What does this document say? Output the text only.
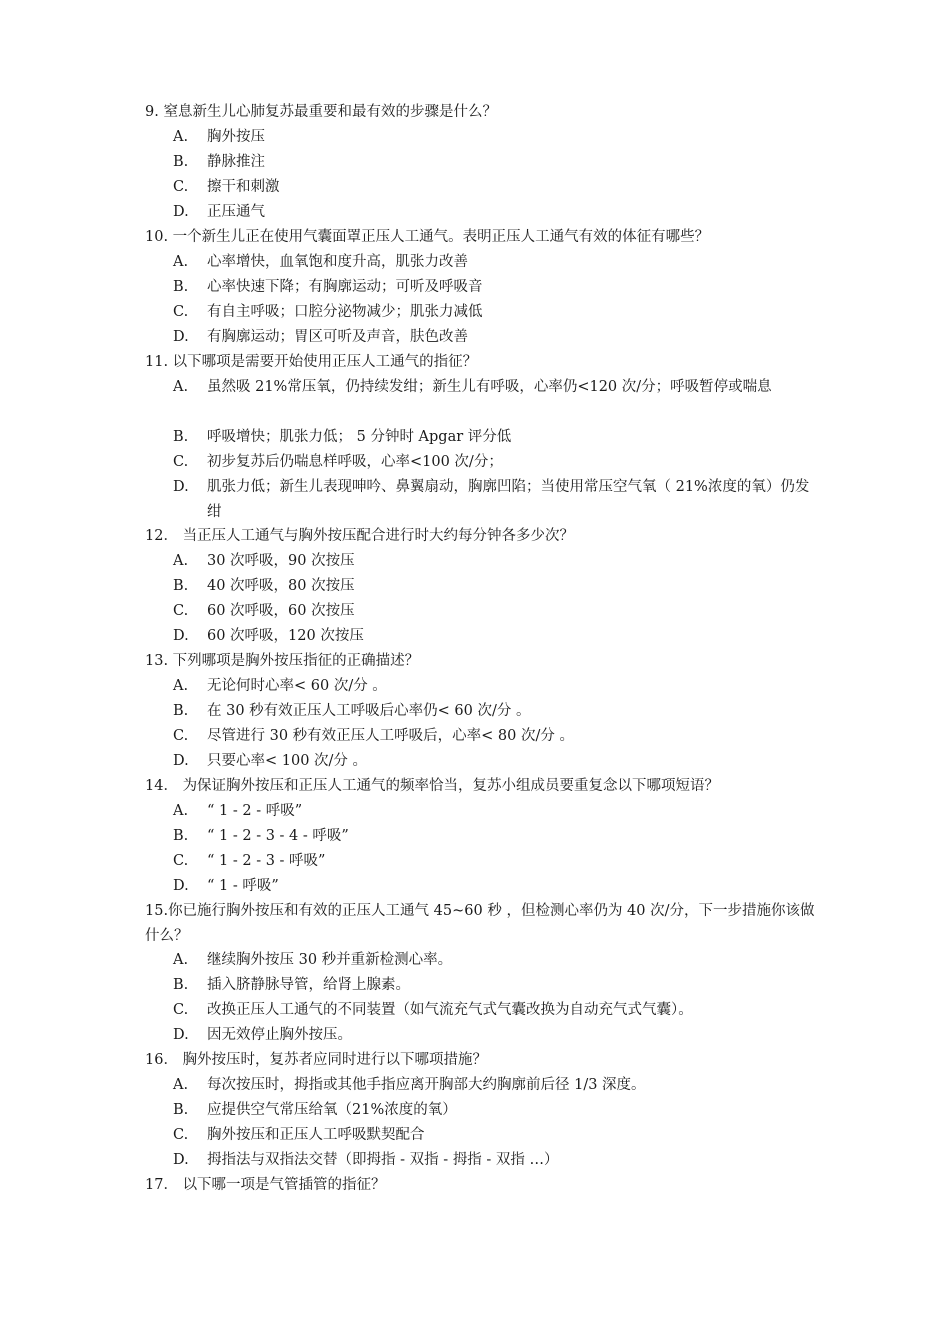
9. 窒息新生儿心肺复苏最重要和最有效的步骤是什么？
A. 胸外按压
B. 静脉推注
C. 擦干和刺激
D. 正压通气
10. 一个新生儿正在使用气囊面罩正压人工通气。表明正压人工通气有效的体征有哪些？
A. 心率增快，血氧饱和度升高，肌张力改善
B. 心率快速下降；有胸廓运动；可听及呼吸音
C. 有自主呼吸；口腔分泌物减少；肌张力减低
D. 有胸廓运动；胃区可听及声音，肤色改善
11. 以下哪项是需要开始使用正压人工通气的指征？
A. 虽然吸 21%常压氧，仍持续发绀；新生儿有呼吸，心率仍<120 次/分；呼吸暂停或喘息
B. 呼吸增快；肌张力低； 5 分钟时 Apgar 评分低
C. 初步复苏后仍喘息样呼吸，心率<100 次/分；
D. 肌张力低；新生儿表现呻吟、鼻翼扇动，胸廓凹陷；当使用常压空气氧（ 21%浓度的氧）仍发绀
12． 当正压人工通气与胸外按压配合进行时大约每分钟各多少次？
A.30 次呼吸，90 次按压
B.40 次呼吸，80 次按压
C.60 次呼吸，60 次按压
D.60 次呼吸，120 次按压
13. 下列哪项是胸外按压指征的正确描述？
A.无论何时心率< 60 次/分 。
B.在 30 秒有效正压人工呼吸后心率仍< 60 次/分 。
C.尽管进行 30 秒有效正压人工呼吸后，心率< 80 次/分 。
D.只要心率< 100 次/分 。
14． 为保证胸外按压和正压人工通气的频率恰当，复苏小组成员要重复念以下哪项短语？
A.“ 1 - 2 - 呼吸”
B.“ 1 - 2 - 3 - 4 - 呼吸”
C.“ 1 - 2 - 3 - 呼吸”
D.“ 1 - 呼吸”
15.你已施行胸外按压和有效的正压人工通气 45~60 秒 ，但检测心率仍为 40 次/分，下一步措施你该做什么？
A.继续胸外按压 30 秒并重新检测心率。
B.插入脐静脉导管，给肾上腺素。
C.改换正压人工通气的不同装置（如气流充气式气囊改换为自动充气式气囊）。
D.因无效停止胸外按压。
16． 胸外按压时，复苏者应同时进行以下哪项措施？
A.每次按压时，拇指或其他手指应离开胸部大约胸廓前后径 1/3 深度。
B.应提供空气常压给氧（21%浓度的氧）
C.胸外按压和正压人工呼吸默契配合
D.拇指法与双指法交替（即拇指 - 双指 - 拇指 - 双指 …）
17． 以下哪一项是气管插管的指征？
